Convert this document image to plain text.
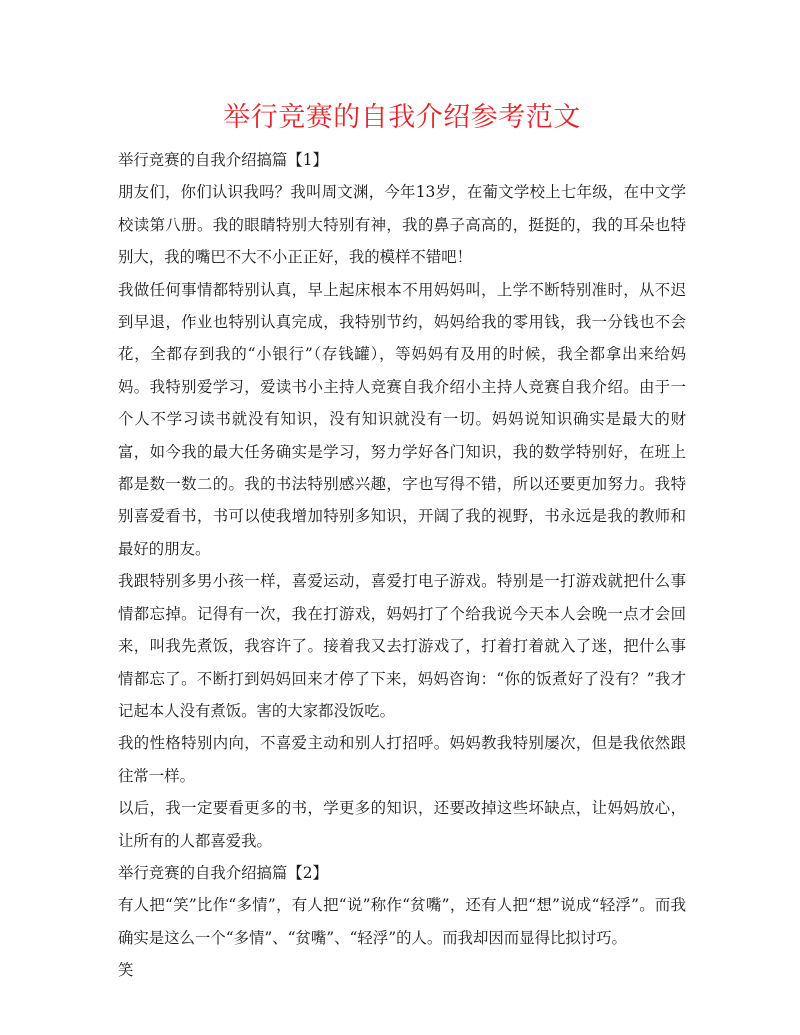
举行竞赛的自我介绍参考范文

举行竞赛的自我介绍搞篇【1】

朋友们，你们认识我吗？我叫周文渊，今年13岁，在葡文学校上七年级，在中文学校读第八册。我的眼睛特别大特别有神，我的鼻子高高的，挺挺的，我的耳朵也特别大，我的嘴巴不大不小正正好，我的模样不错吧！

我做任何事情都特别认真，早上起床根本不用妈妈叫，上学不断特别准时，从不迟到早退，作业也特别认真完成，我特别节约，妈妈给我的零用钱，我一分钱也不会花，全都存到我的“小银行”（存钱罐），等妈妈有及用的时候，我全都拿出来给妈妈。我特别爱学习，爱读书小主持人竞赛自我介绍小主持人竞赛自我介绍。由于一个人不学习读书就没有知识，没有知识就没有一切。妈妈说知识确实是最大的财富，如今我的最大任务确实是学习，努力学好各门知识，我的数学特别好，在班上都是数一数二的。我的书法特别感兴趣，字也写得不错，所以还要更加努力。我特别喜爱看书，书可以使我增加特别多知识，开阔了我的视野，书永远是我的教师和最好的朋友。

我跟特别多男小孩一样，喜爱运动，喜爱打电子游戏。特别是一打游戏就把什么事情都忘掉。记得有一次，我在打游戏，妈妈打了个给我说今天本人会晚一点才会回来，叫我先煮饭，我容许了。接着我又去打游戏了，打着打着就入了迷，把什么事情都忘了。不断打到妈妈回来才停了下来，妈妈咨询：“你的饭煮好了没有？”我才记起本人没有煮饭。害的大家都没饭吃。

我的性格特别内向，不喜爱主动和别人打招呼。妈妈教我特别屡次，但是我依然跟往常一样。

以后，我一定要看更多的书，学更多的知识，还要改掉这些坏缺点，让妈妈放心，让所有的人都喜爱我。

举行竞赛的自我介绍搞篇【2】

有人把“笑”比作“多情”，有人把“说”称作“贫嘴”，还有人把“想”说成“轻浮”。而我确实是这么一个“多情”、“贫嘴”、“轻浮”的人。而我却因而显得比拟讨巧。

笑
